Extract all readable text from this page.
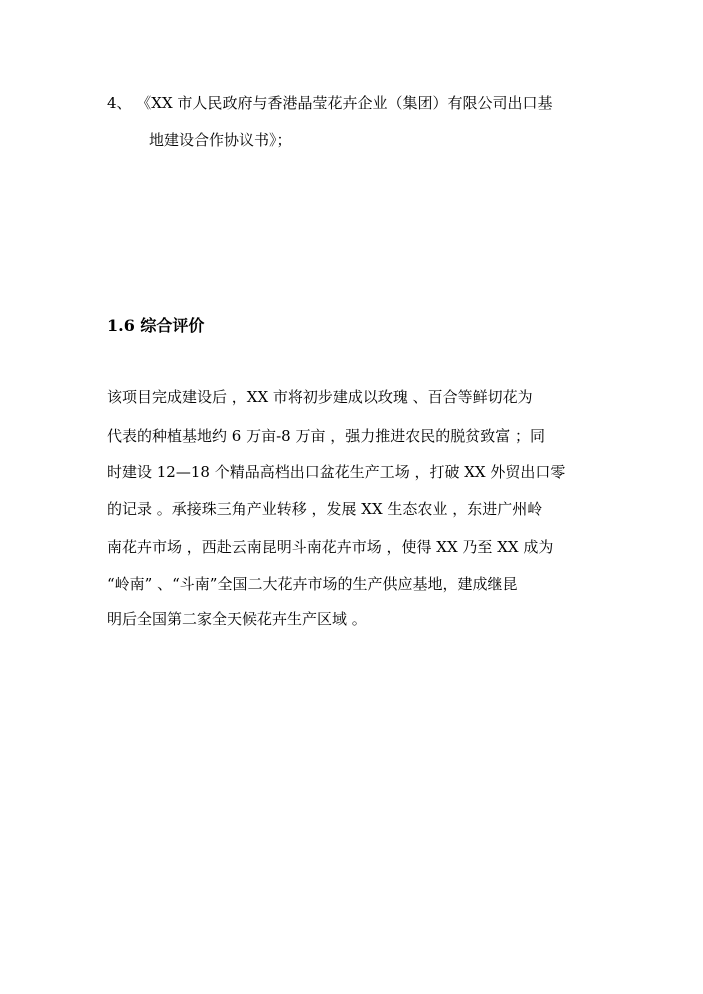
4、 《XX 市人民政府与香港晶莹花卉企业（集团）有限公司出口基

地建设合作协议书》；

1.6 综合评价

该项目完成建设后 ，XX 市将初步建成以玫瑰 、百合等鲜切花为

代表的种植基地约 6 万亩-8 万亩 ，强力推进农民的脱贫致富 ；同

时建设 12—18 个精品高档出口盆花生产工场 ，打破 XX 外贸出口零

的记录 。承接珠三角产业转移 ，发展 XX 生态农业 ，东进广州岭

南花卉市场 ，西赴云南昆明斗南花卉市场 ，使得 XX 乃至 XX 成为

“岭南” 、“斗南”全国二大花卉市场的生产供应基地，建成继昆

明后全国第二家全天候花卉生产区域 。
